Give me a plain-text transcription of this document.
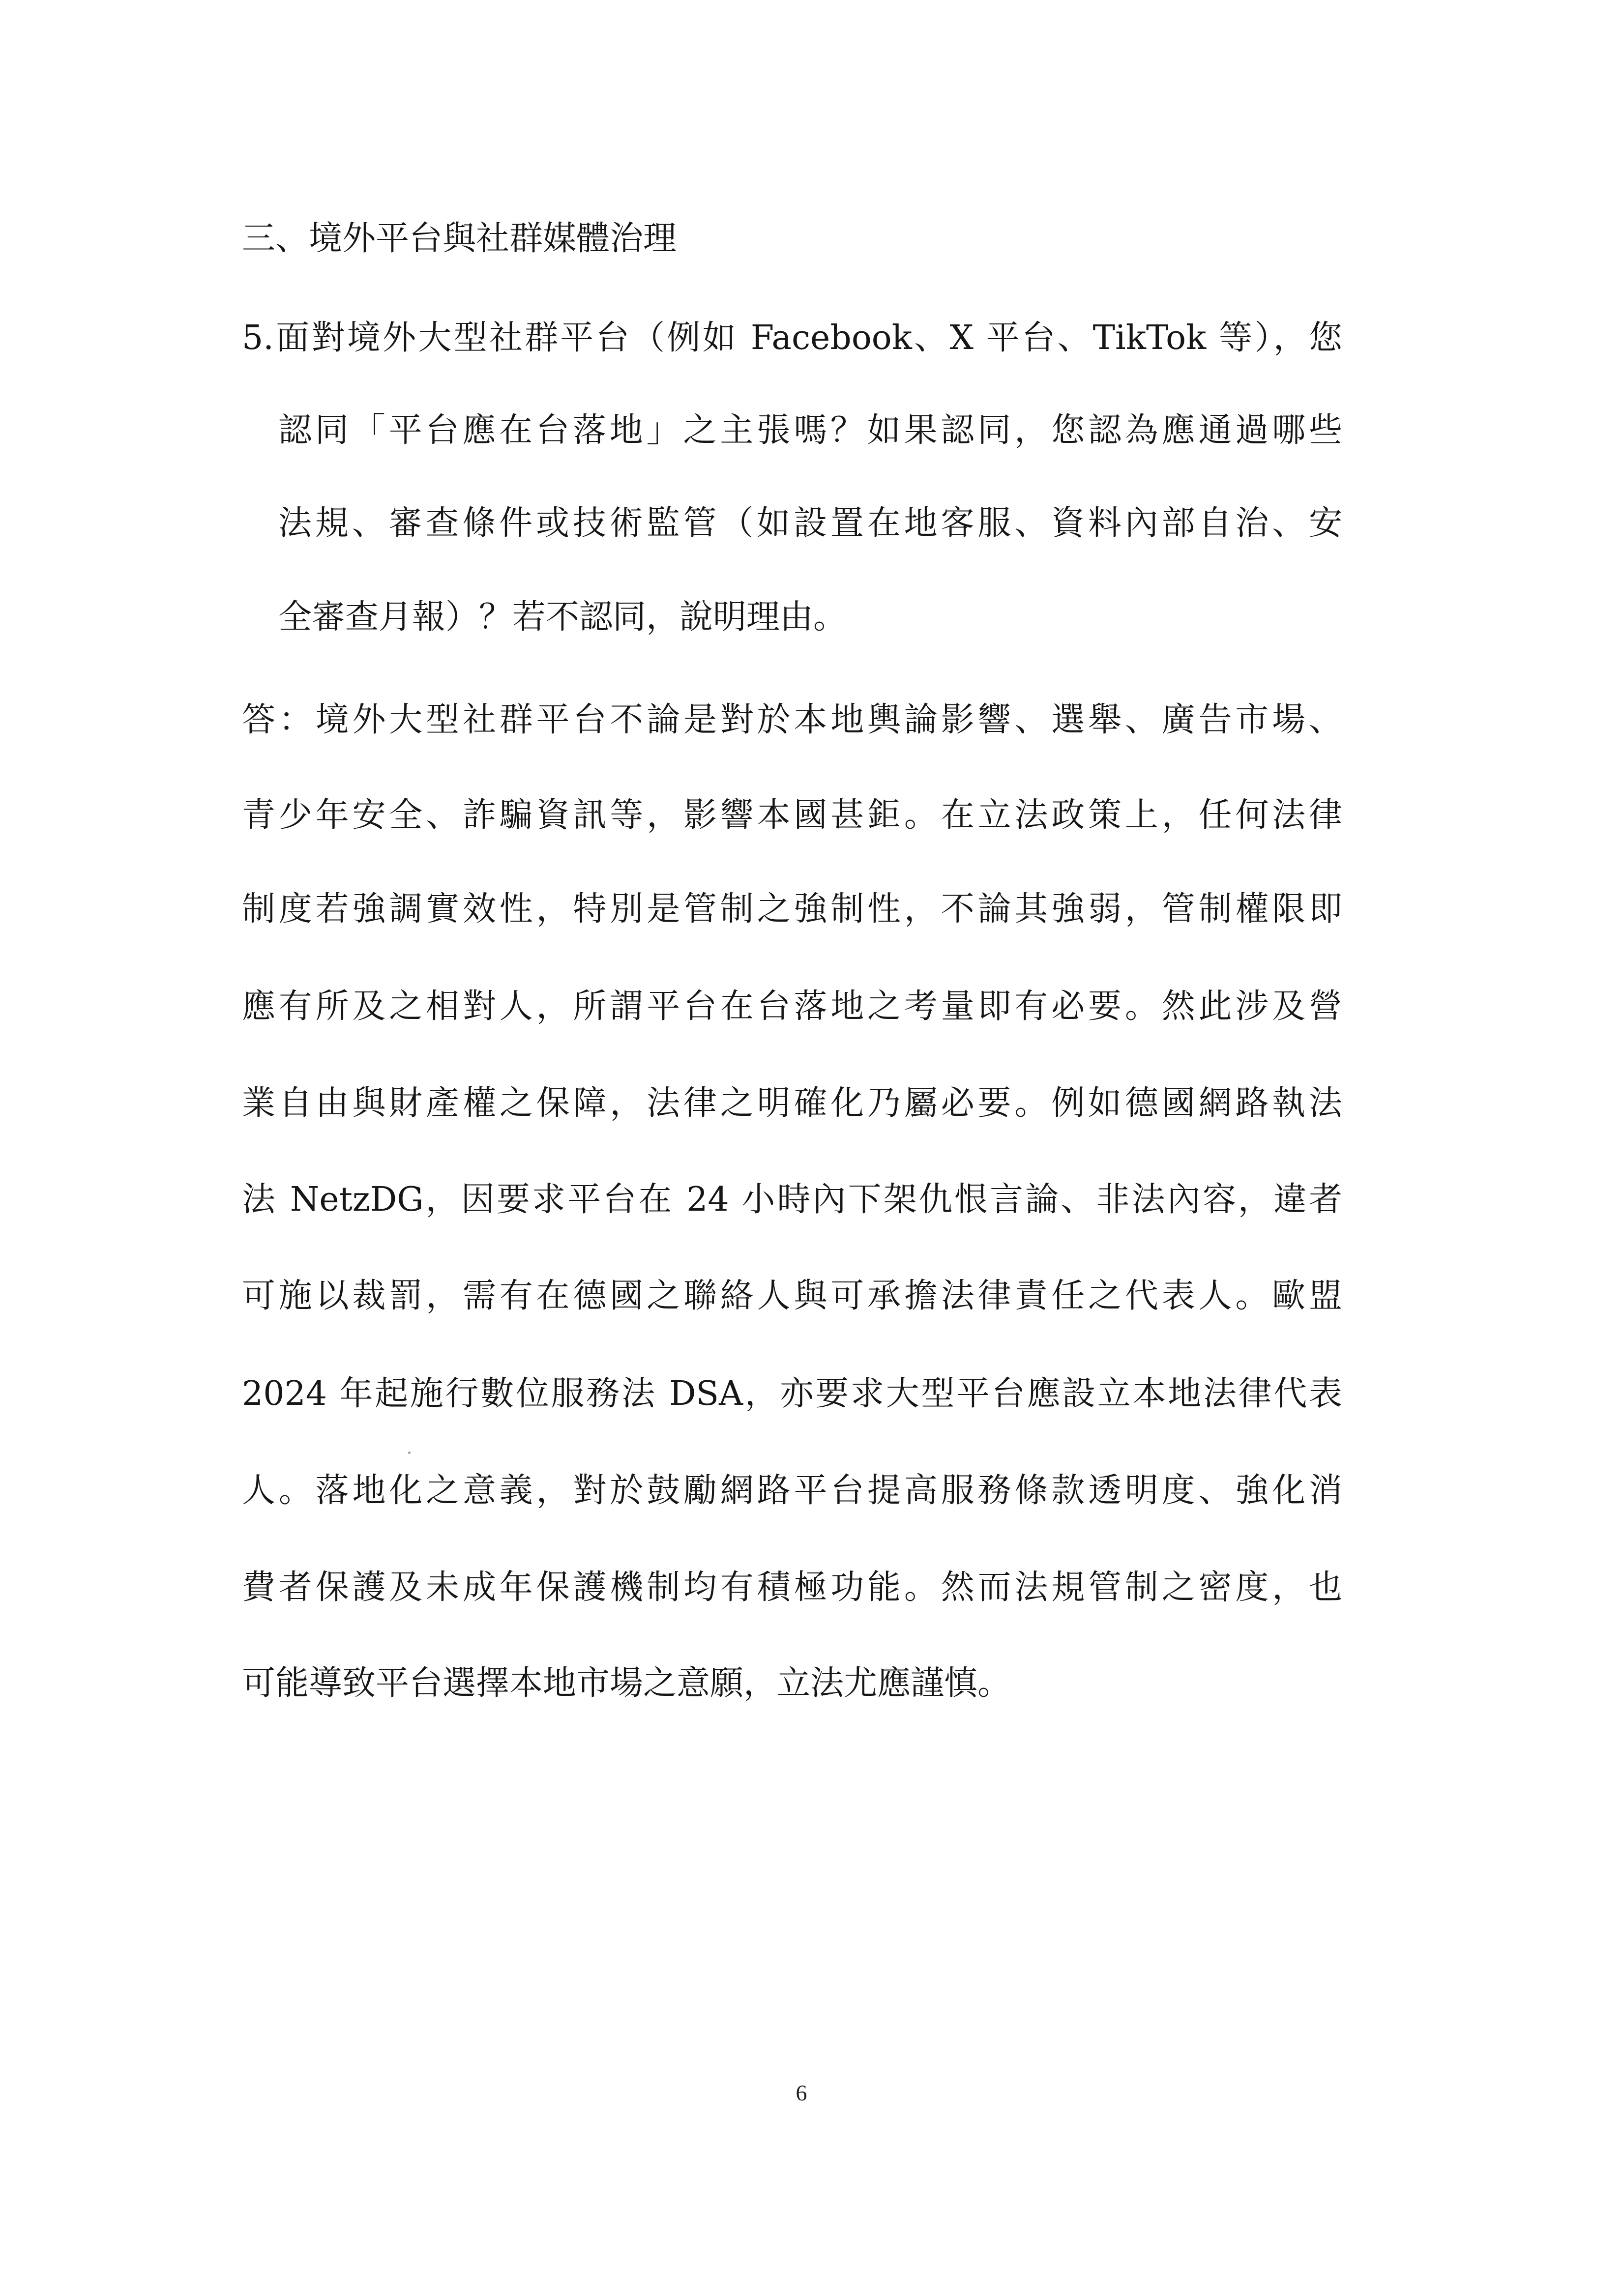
三、境外平台與社群媒體治理
5.面對境外大型社群平台（例如 Facebook、X 平台、TikTok 等），您
認同「平台應在台落地」之主張嗎？如果認同，您認為應通過哪些
法規、審查條件或技術監管（如設置在地客服、資料內部自治、安
全審查月報）？若不認同，說明理由。
答：境外大型社群平台不論是對於本地輿論影響、選舉、廣告市場、
青少年安全、詐騙資訊等，影響本國甚鉅。在立法政策上，任何法律
制度若強調實效性，特別是管制之強制性，不論其強弱，管制權限即
應有所及之相對人，所謂平台在台落地之考量即有必要。然此涉及營
業自由與財產權之保障，法律之明確化乃屬必要。例如德國網路執法
法 NetzDG，因要求平台在 24 小時內下架仇恨言論、非法內容，違者
可施以裁罰，需有在德國之聯絡人與可承擔法律責任之代表人。歐盟
2024 年起施行數位服務法 DSA，亦要求大型平台應設立本地法律代表
人。落地化之意義，對於鼓勵網路平台提高服務條款透明度、強化消
費者保護及未成年保護機制均有積極功能。然而法規管制之密度，也
可能導致平台選擇本地市場之意願，立法尤應謹慎。
6
